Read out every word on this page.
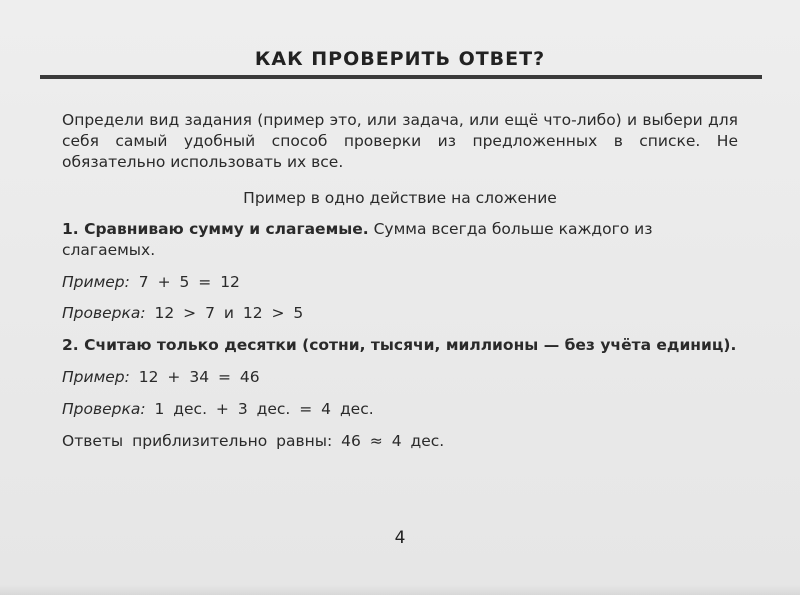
КАК ПРОВЕРИТЬ ОТВЕТ?

Определи вид задания (пример это, или задача, или ещё что-либо) и выбери для себя самый удобный способ проверки из предложенных в списке. Не обязательно использовать их все.

Пример в одно действие на сложение
1. Сравниваю сумму и слагаемые. Сумма всегда больше каждого из слагаемых.
Пример: 7 + 5 = 12
Проверка: 12 > 7 и 12 > 5
2. Считаю только десятки (сотни, тысячи, миллионы — без учёта единиц).
Пример: 12 + 34 = 46
Проверка: 1 дес. + 3 дес. = 4 дес.
Ответы приблизительно равны: 46 ≈ 4 дес.
4
